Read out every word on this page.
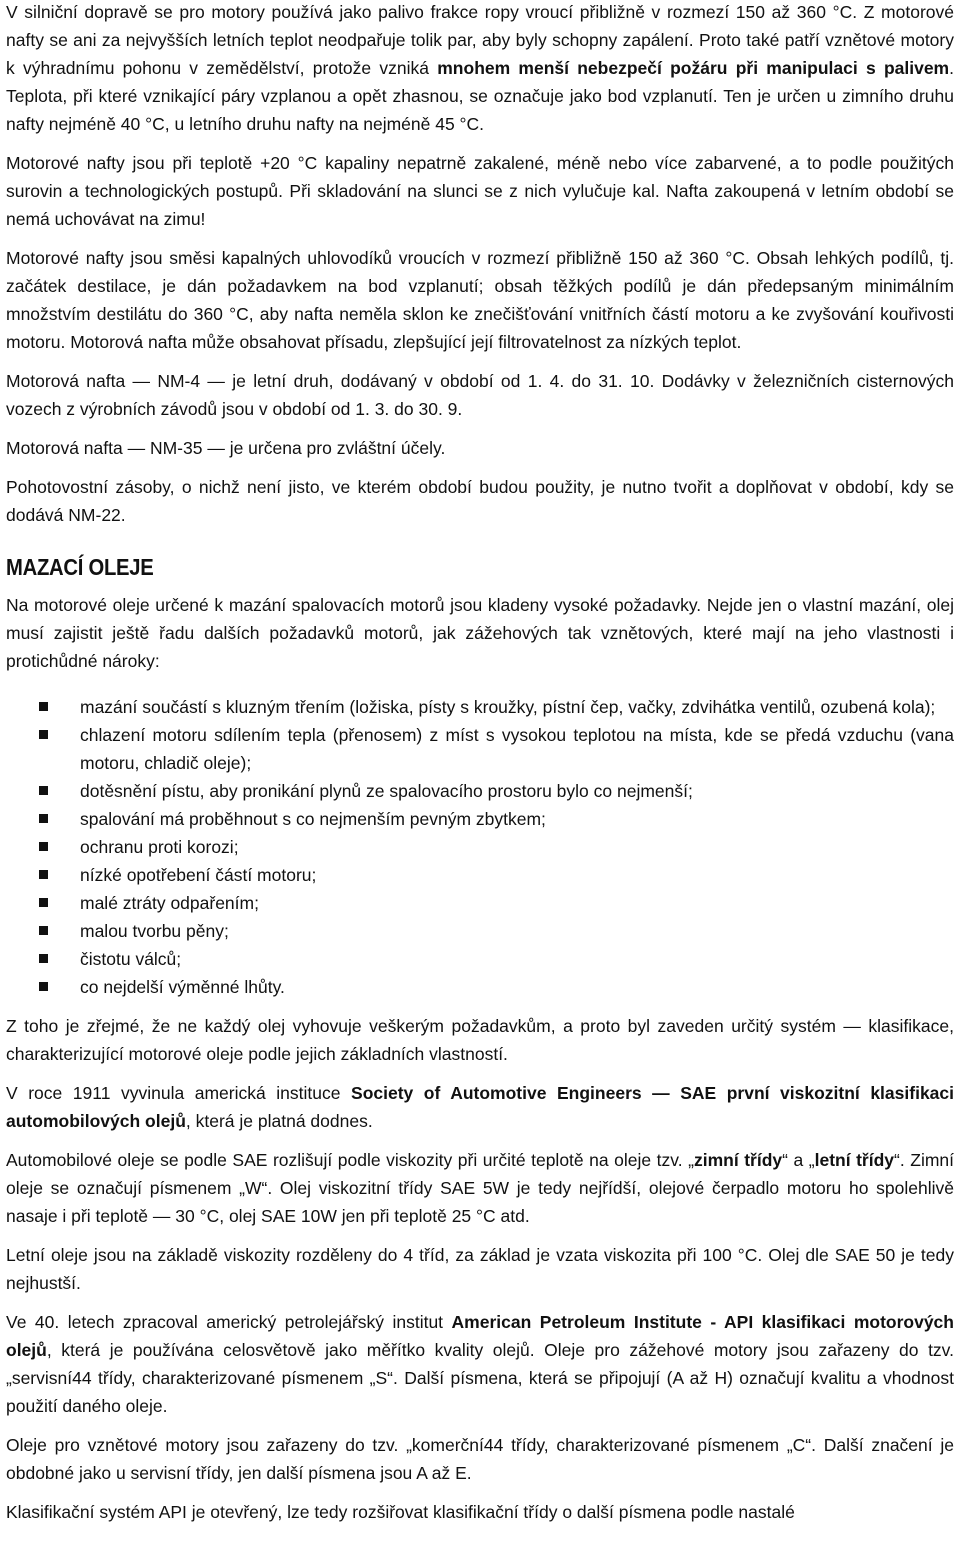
V silniční dopravě se pro motory používá jako palivo frakce ropy vroucí přibližně v rozmezí 150 až 360 °C. Z motorové nafty se ani za nejvyšších letních teplot neodpařuje tolik par, aby byly schopny zapálení. Proto také patří vznětové motory k výhradnímu pohonu v zemědělství, protože vzniká mnohem menší nebezpečí požáru při manipulaci s palivem. Teplota, při které vznikající páry vzplanou a opět zhasnou, se označuje jako bod vzplanutí. Ten je určen u zimního druhu nafty nejméně 40 °C, u letního druhu nafty na nejméně 45 °C.

Motorové nafty jsou při teplotě +20 °C kapaliny nepatrně zakalené, méně nebo více zabarvené, a to podle použitých surovin a technologických postupů. Při skladování na slunci se z nich vylučuje kal. Nafta zakoupená v letním období se nemá uchovávat na zimu!

Motorové nafty jsou směsi kapalných uhlovodíků vroucích v rozmezí přibližně 150 až 360 °C. Obsah lehkých podílů, tj. začátek destilace, je dán požadavkem na bod vzplanutí; obsah těžkých podílů je dán předepsaným minimálním množstvím destilátu do 360 °C, aby nafta neměla sklon ke znečišťování vnitřních částí motoru a ke zvyšování kouřivosti motoru. Motorová nafta může obsahovat přísadu, zlepšující její filtrovatelnost za nízkých teplot.

Motorová nafta — NM-4 — je letní druh, dodávaný v období od 1. 4. do 31. 10. Dodávky v železničních cisternových vozech z výrobních závodů jsou v období od 1. 3. do 30. 9.

Motorová nafta — NM-35 — je určena pro zvláštní účely.

Pohotovostní zásoby, o nichž není jisto, ve kterém období budou použity, je nutno tvořit a doplňovat v období, kdy se dodává NM-22.

MAZACÍ OLEJE

Na motorové oleje určené k mazání spalovacích motorů jsou kladeny vysoké požadavky. Nejde jen o vlastní mazání, olej musí zajistit ještě řadu dalších požadavků motorů, jak zážehových tak vznětových, které mají na jeho vlastnosti i protichůdné nároky:

mazání součástí s kluzným třením (ložiska, písty s kroužky, pístní čep, vačky, zdvihátka ventilů, ozubená kola);
chlazení motoru sdílením tepla (přenosem) z míst s vysokou teplotou na místa, kde se předá vzduchu (vana motoru, chladič oleje);
dotěsnění pístu, aby pronikání plynů ze spalovacího prostoru bylo co nejmenší;
spalování má proběhnout s co nejmenším pevným zbytkem;
ochranu proti korozi;
nízké opotřebení částí motoru;
malé ztráty odpařením;
malou tvorbu pěny;
čistotu válců;
co nejdelší výměnné lhůty.

Z toho je zřejmé, že ne každý olej vyhovuje veškerým požadavkům, a proto byl zaveden určitý systém — klasifikace, charakterizující motorové oleje podle jejich základních vlastností.

V roce 1911 vyvinula americká instituce Society of Automotive Engineers — SAE první viskozitní klasifikaci automobilových olejů, která je platná dodnes.

Automobilové oleje se podle SAE rozlišují podle viskozity při určité teplotě na oleje tzv. „zimní třídy“ a „letní třídy“. Zimní oleje se označují písmenem „W“. Olej viskozitní třídy SAE 5W je tedy nejřídší, olejové čerpadlo motoru ho spolehlivě nasaje i při teplotě — 30 °C, olej SAE 10W jen při teplotě 25 °C atd.

Letní oleje jsou na základě viskozity rozděleny do 4 tříd, za základ je vzata viskozita při 100 °C. Olej dle SAE 50 je tedy nejhustší.

Ve 40. letech zpracoval americký petrolejářský institut American Petroleum Institute - API klasifikaci motorových olejů, která je používána celosvětově jako měřítko kvality olejů. Oleje pro zážehové motory jsou zařazeny do tzv. „servisní44 třídy, charakterizované písmenem „S“. Další písmena, která se připojují (A až H) označují kvalitu a vhodnost použití daného oleje.

Oleje pro vznětové motory jsou zařazeny do tzv. „komerční44 třídy, charakterizované písmenem „C“. Další značení je obdobné jako u servisní třídy, jen další písmena jsou A až E.

Klasifikační systém API je otevřený, lze tedy rozšiřovat klasifikační třídy o další písmena podle nastalé
